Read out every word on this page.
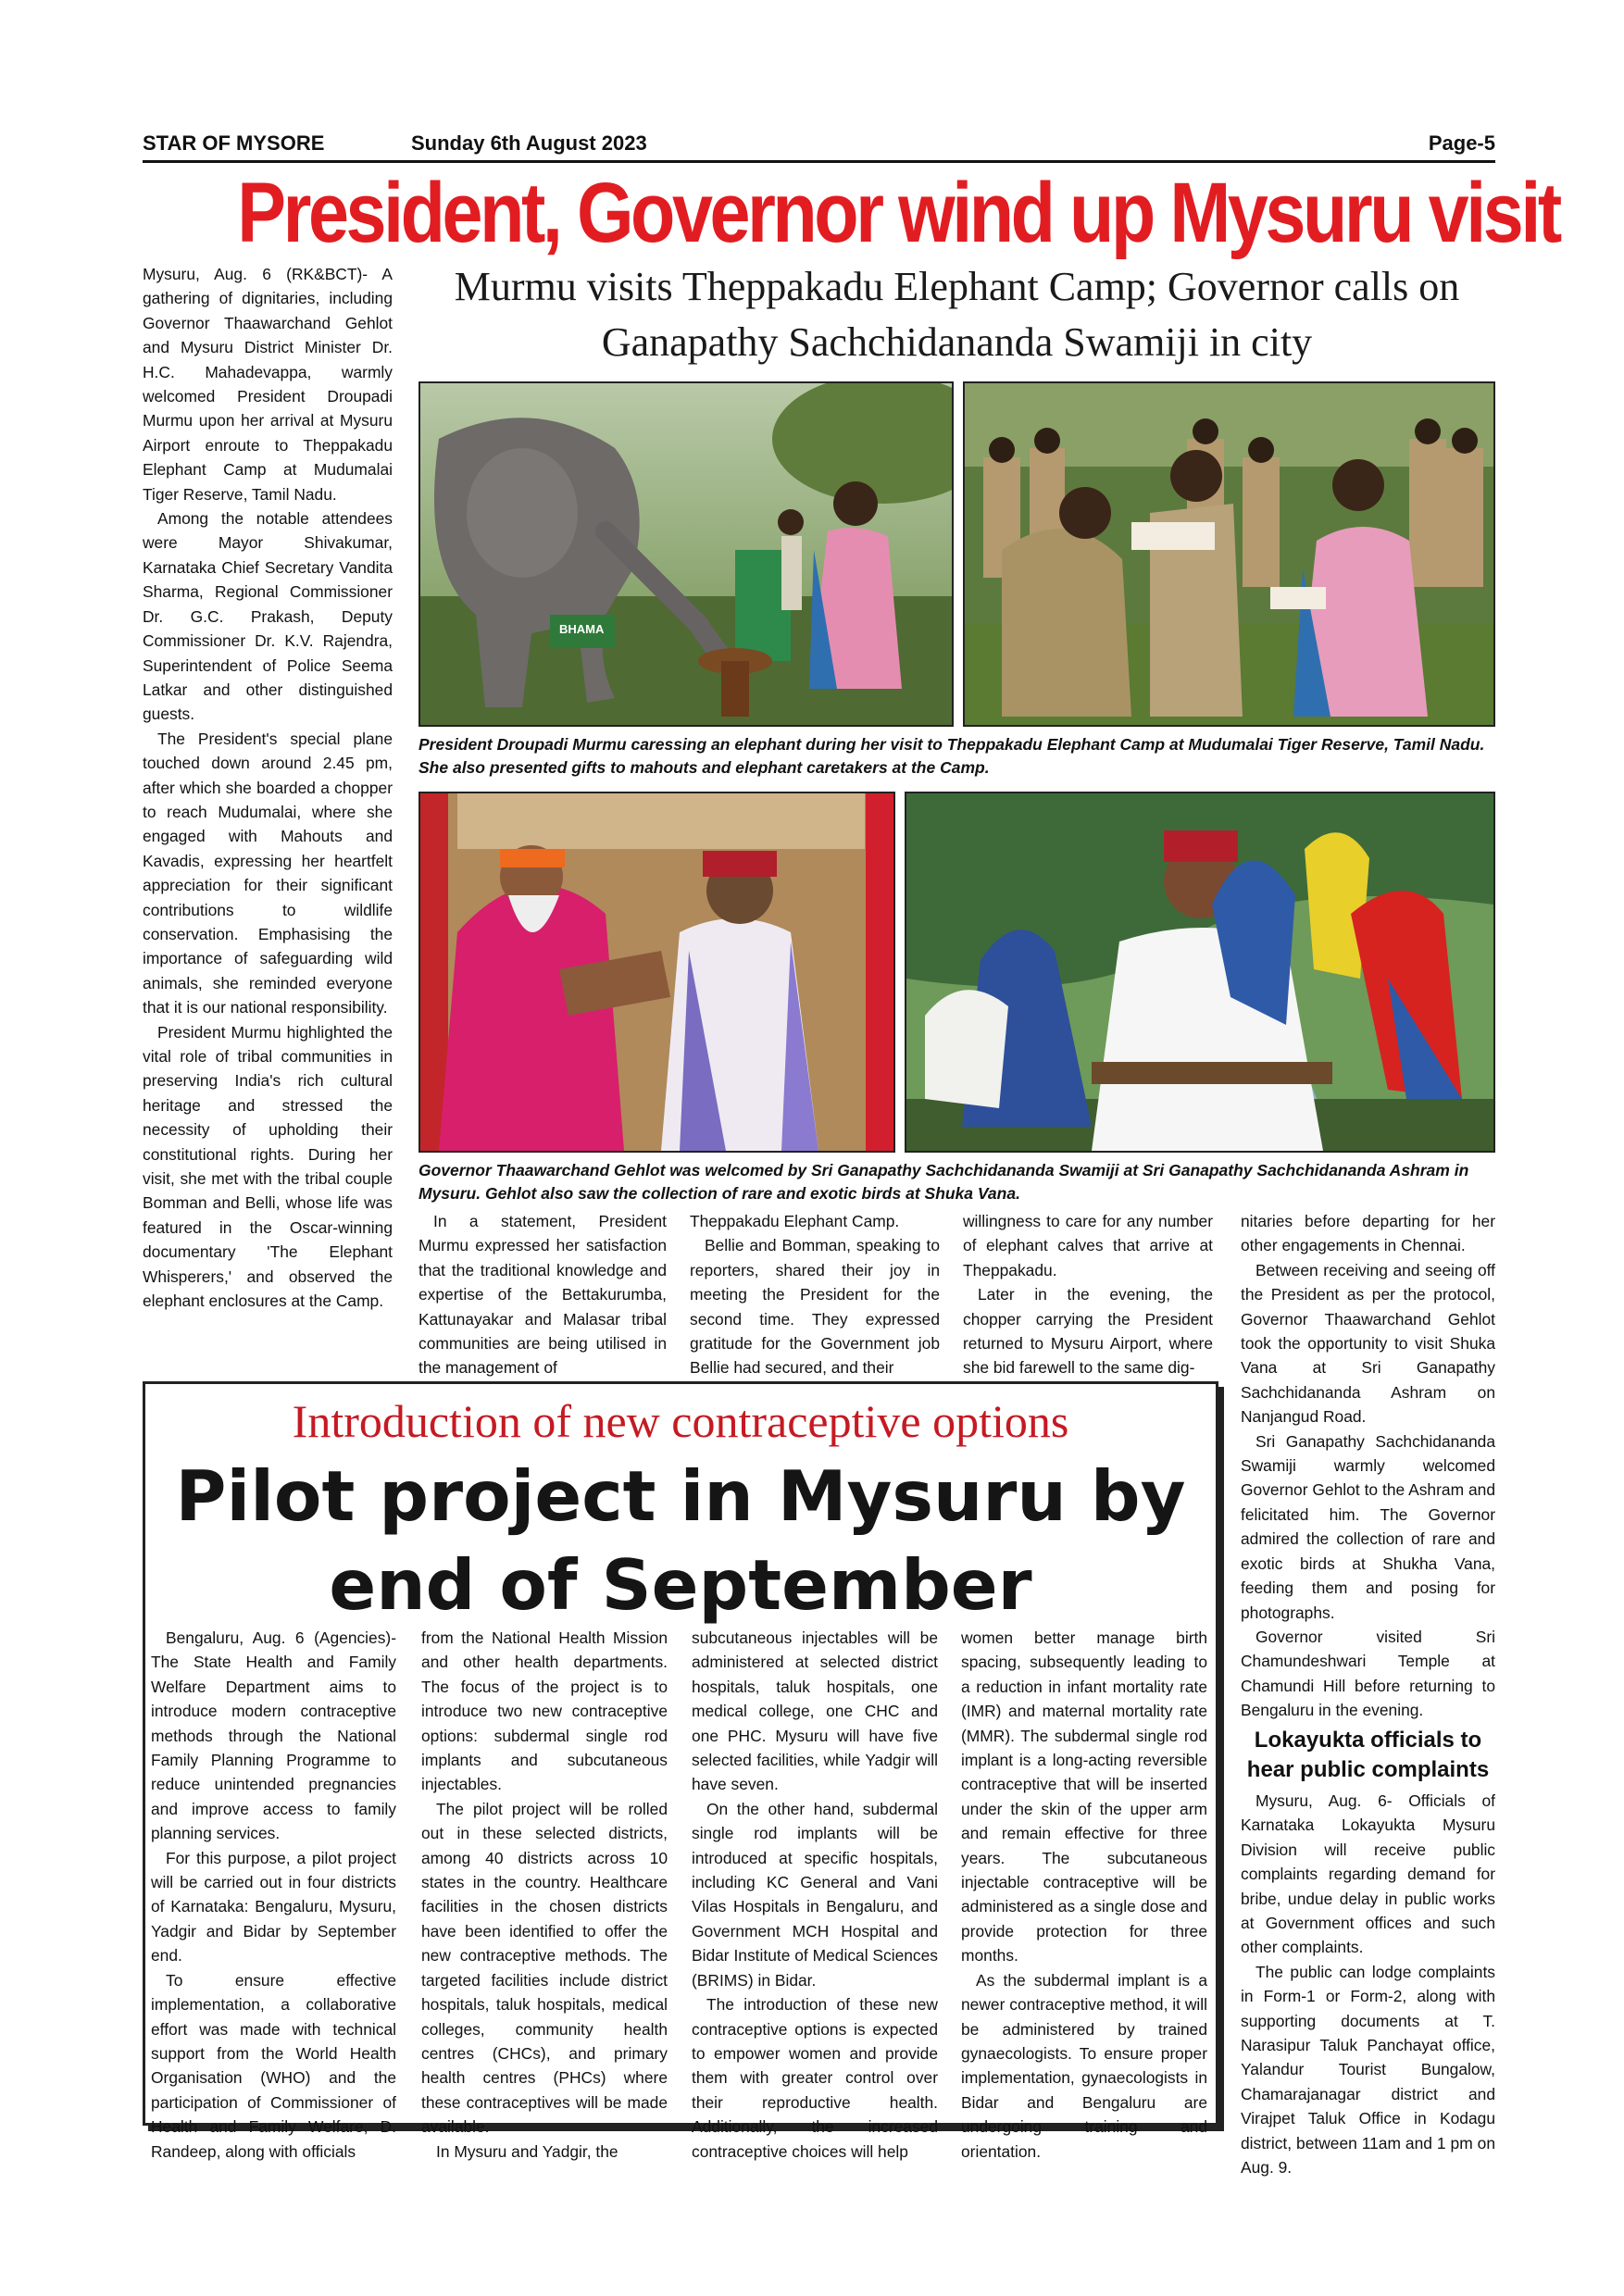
STAR OF MYSORE	Sunday 6th August 2023	Page-5
President, Governor wind up Mysuru visit

Mysuru, Aug. 6 (RK&BCT)- A gathering of dignitaries, including Governor Thaawarchand Gehlot and Mysuru District Minister Dr. H.C. Mahadevappa, warmly welcomed President Droupadi Murmu upon her arrival at Mysuru Airport enroute to Theppakadu Elephant Camp at Mudumalai Tiger Reserve, Tamil Nadu.

Among the notable attendees were Mayor Shivakumar, Karnataka Chief Secretary Vandita Sharma, Regional Commissioner Dr. G.C. Prakash, Deputy Commissioner Dr. K.V. Rajendra, Superintendent of Police Seema Latkar and other distinguished guests.

The President's special plane touched down around 2.45 pm, after which she boarded a chopper to reach Mudumalai, where she engaged with Mahouts and Kavadis, expressing her heartfelt appreciation for their significant contributions to wildlife conservation. Emphasising the importance of safeguarding wild animals, she reminded everyone that it is our national responsibility.

President Murmu highlighted the vital role of tribal communities in preserving India's rich cultural heritage and stressed the necessity of upholding their constitutional rights. During her visit, she met with the tribal couple Bomman and Belli, whose life was featured in the Oscar-winning documentary 'The Elephant Whisperers,' and observed the elephant enclosures at the Camp.

Murmu visits Theppakadu Elephant Camp; Governor calls on Ganapathy Sachchidananda Swamiji in city
BHAMA
President Droupadi Murmu caressing an elephant during her visit to Theppakadu Elephant Camp at Mudumalai Tiger Reserve, Tamil Nadu. She also presented gifts to mahouts and elephant caretakers at the Camp.
Governor Thaawarchand Gehlot was welcomed by Sri Ganapathy Sachchidananda Swamiji at Sri Ganapathy Sachchidananda Ashram in Mysuru. Gehlot also saw the collection of rare and exotic birds at Shuka Vana.

In a statement, President Murmu expressed her satisfaction that the traditional knowledge and expertise of the Bettakurumba, Kattunayakar and Malasar tribal communities are being utilised in the management of

Theppakadu Elephant Camp.

Bellie and Bomman, speaking to reporters, shared their joy in meeting the President for the second time. They expressed gratitude for the Government job Bellie had secured, and their

willingness to care for any number of elephant calves that arrive at Theppakadu.

Later in the evening, the chopper carrying the President returned to Mysuru Airport, where she bid farewell to the same dig-

nitaries before departing for her other engagements in Chennai.

Between receiving and seeing off the President as per the protocol, Governor Thaawarchand Gehlot took the opportunity to visit Shuka Vana at Sri Ganapathy Sachchidananda Ashram on Nanjangud Road.

Sri Ganapathy Sachchidananda Swamiji warmly welcomed Governor Gehlot to the Ashram and felicitated him. The Governor admired the collection of rare and exotic birds at Shukha Vana, feeding them and posing for photographs.

Governor visited Sri Chamundeshwari Temple at Chamundi Hill before returning to Bengaluru in the evening.

Lokayukta officials to
hear public complaints

Mysuru, Aug. 6- Officials of Karnataka Lokayukta Mysuru Division will receive public complaints regarding demand for bribe, undue delay in public works at Government offices and such other complaints.

The public can lodge complaints in Form-1 or Form-2, along with supporting documents at T. Narasipur Taluk Panchayat office, Yalandur Tourist Bungalow, Chamarajanagar district and Virajpet Taluk Office in Kodagu district, between 11am and 1 pm on Aug. 9.

Introduction of new contraceptive options
Pilot project in Mysuru by end of September

Bengaluru, Aug. 6 (Agencies)- The State Health and Family Welfare Department aims to introduce modern contraceptive methods through the National Family Planning Programme to reduce unintended pregnancies and improve access to family planning services.

For this purpose, a pilot project will be carried out in four districts of Karnataka: Bengaluru, Mysuru, Yadgir and Bidar by September end.

To ensure effective implementation, a collaborative effort was made with technical support from the World Health Organisation (WHO) and the participation of Commissioner of Health and Family Welfare, D. Randeep, along with officials

from the National Health Mission and other health departments. The focus of the project is to introduce two new contraceptive options: subdermal single rod implants and subcutaneous injectables.

The pilot project will be rolled out in these selected districts, among 40 districts across 10 states in the country. Healthcare facilities in the chosen districts have been identified to offer the new contraceptive methods. The targeted facilities include district hospitals, taluk hospitals, medical colleges, community health centres (CHCs), and primary health centres (PHCs) where these contraceptives will be made available.

In Mysuru and Yadgir, the

subcutaneous injectables will be administered at selected district hospitals, taluk hospitals, one medical college, one CHC and one PHC. Mysuru will have five selected facilities, while Yadgir will have seven.

On the other hand, subdermal single rod implants will be introduced at specific hospitals, including KC General and Vani Vilas Hospitals in Bengaluru, and Government MCH Hospital and Bidar Institute of Medical Sciences (BRIMS) in Bidar.

The introduction of these new contraceptive options is expected to empower women and provide them with greater control over their reproductive health. Additionally, the increased contraceptive choices will help

women better manage birth spacing, subsequently leading to a reduction in infant mortality rate (IMR) and maternal mortality rate (MMR). The subdermal single rod implant is a long-acting reversible contraceptive that will be inserted under the skin of the upper arm and remain effective for three years. The subcutaneous injectable contraceptive will be administered as a single dose and provide protection for three months.

As the subdermal implant is a newer contraceptive method, it will be administered by trained gynaecologists. To ensure proper implementation, gynaecologists in Bidar and Bengaluru are undergoing training and orientation.
